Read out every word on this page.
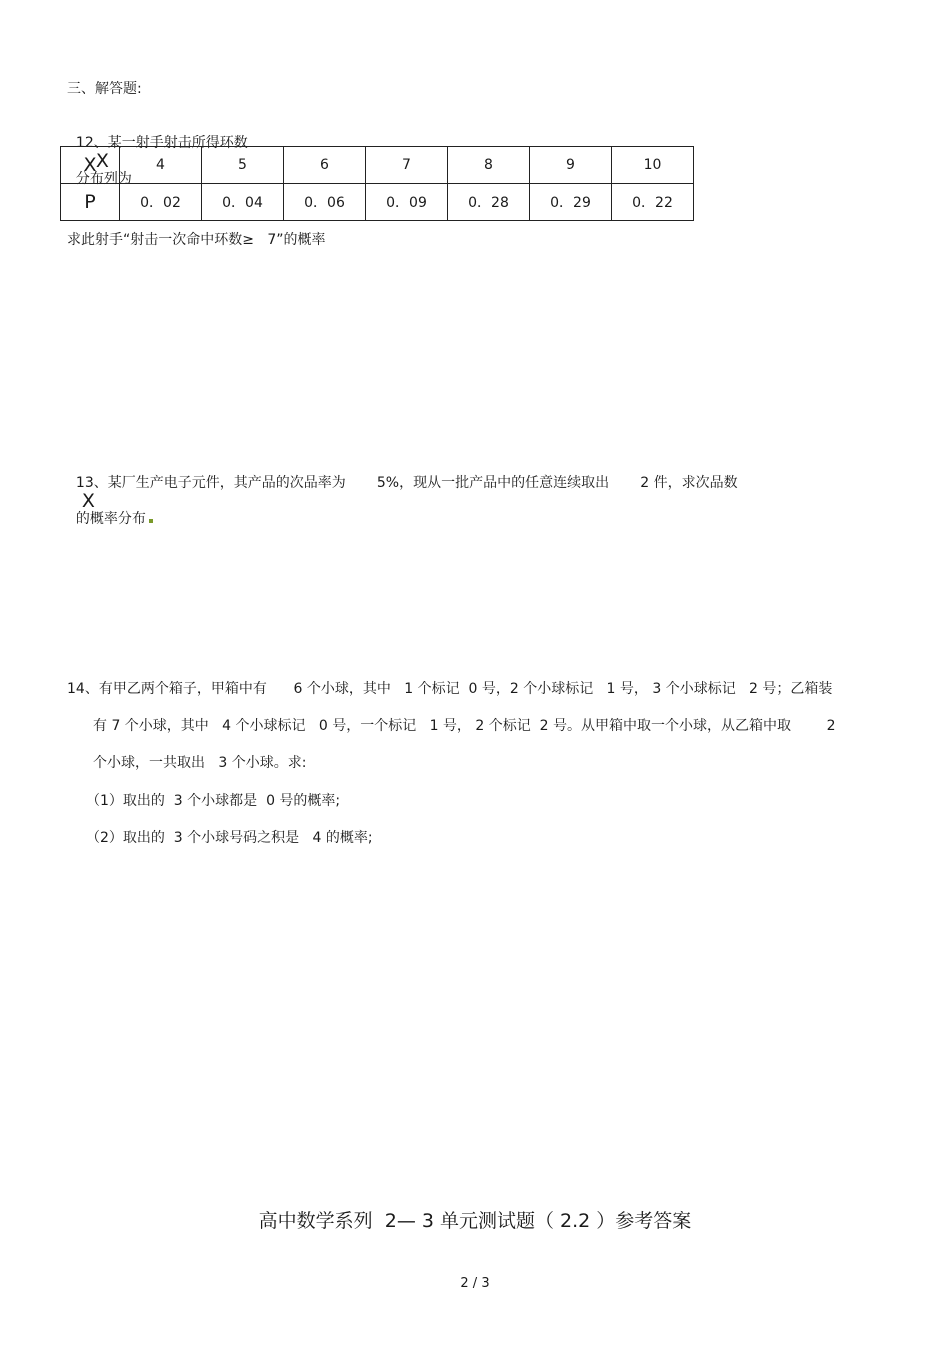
三、解答题:

12、某一射手射击所得环数
X
分布列为

X	4	5	6	7	8	9	10
P	0．02	0．04	0．06	0．09	0．28	0．29	0．22
求此射手“射击一次命中环数≥   7”的概率

13、某厂生产电子元件，其产品的次品率为       5%，现从一批产品中的任意连续取出       2 件，求次品数
X
的概率分布

14、有甲乙两个箱子，甲箱中有      6 个小球，其中   1 个标记  0 号，2 个小球标记   1 号， 3 个小球标记   2 号；乙箱装
有 7 个小球，其中   4 个小球标记   0 号，一个标记   1 号， 2 个标记  2 号。从甲箱中取一个小球，从乙箱中取        2
个小球，一共取出   3 个小球。求:
（1）取出的  3 个小球都是  0 号的概率;
（2）取出的  3 个小球号码之积是   4 的概率;
高中数学系列  2— 3 单元测试题（ 2.2 ）参考答案
2 / 3
